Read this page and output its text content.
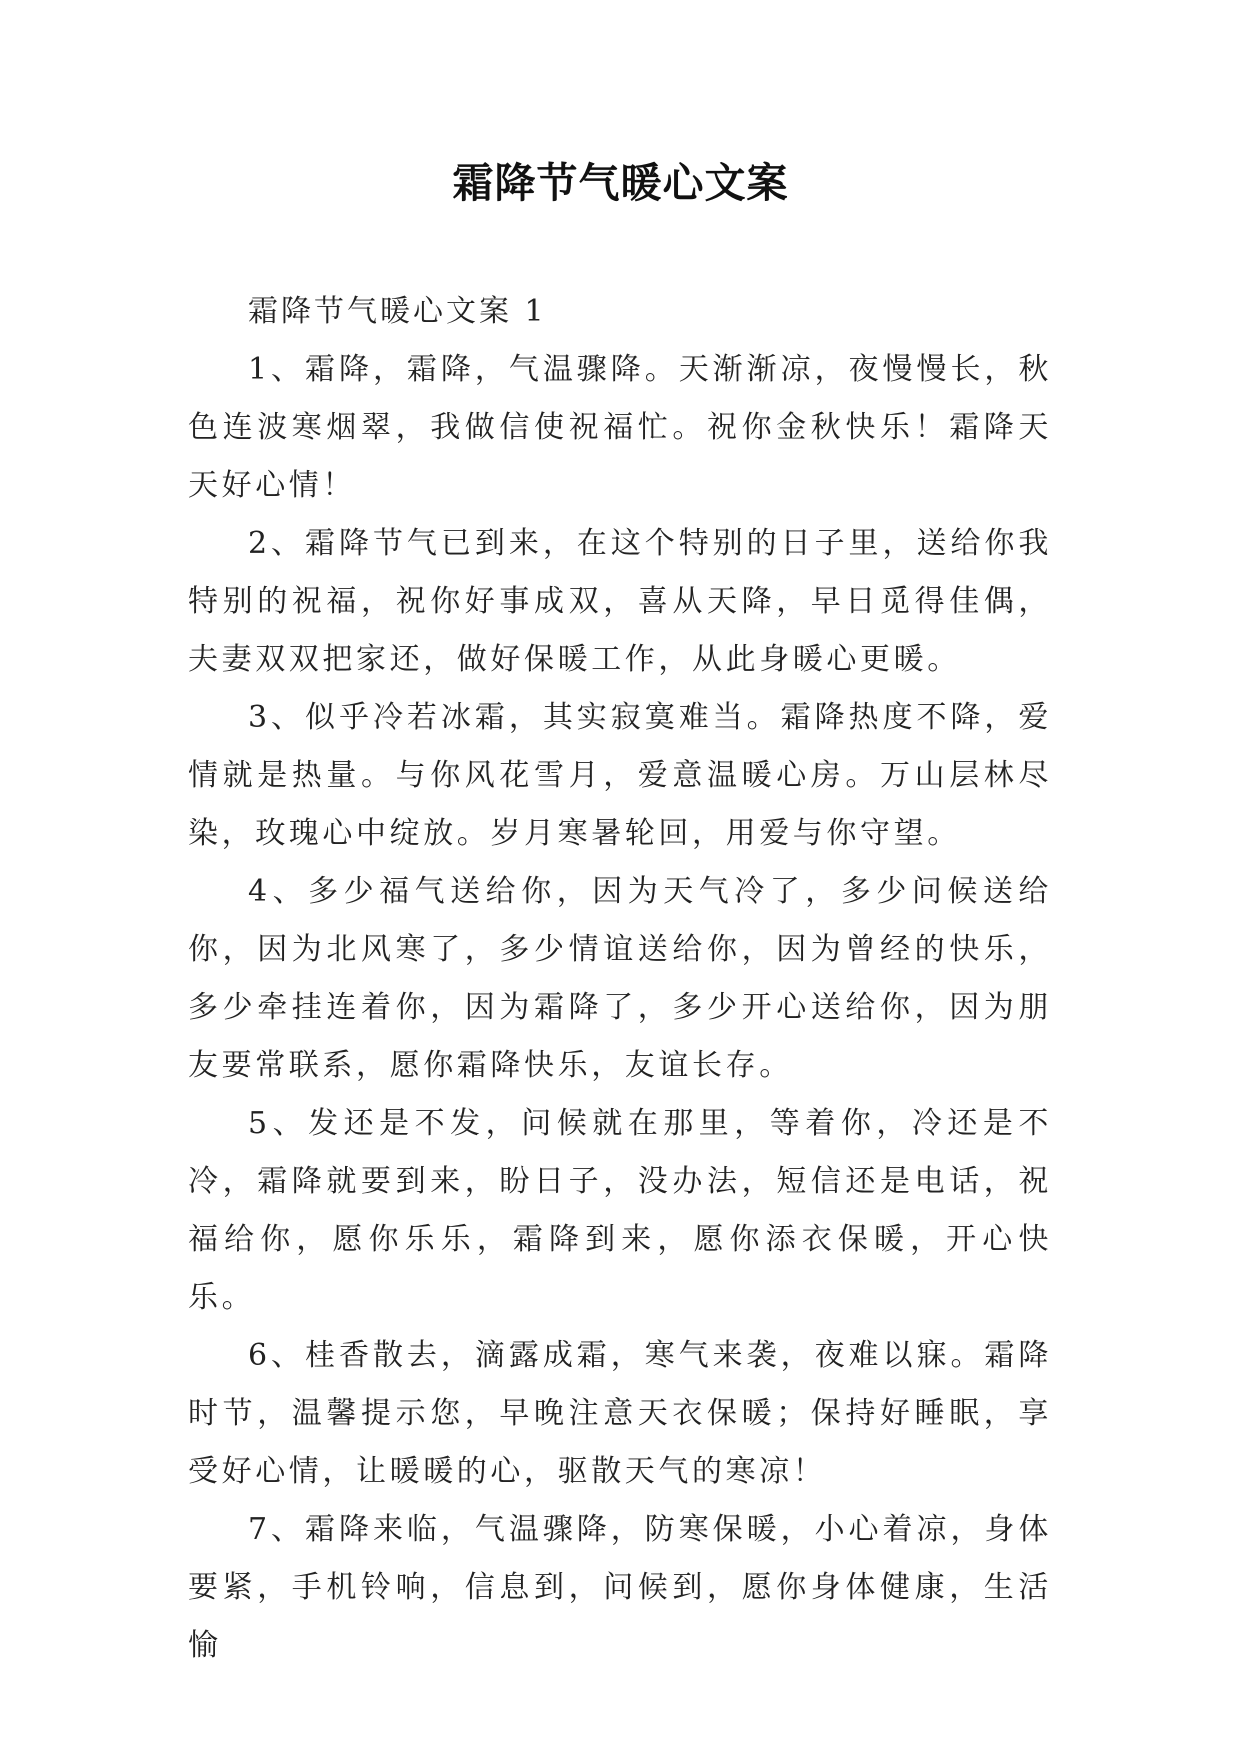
霜降节气暖心文案

霜降节气暖心文案 1

1、霜降，霜降，气温骤降。天渐渐凉，夜慢慢长，秋色连波寒烟翠，我做信使祝福忙。祝你金秋快乐！霜降天天好心情！

2、霜降节气已到来，在这个特别的日子里，送给你我特别的祝福，祝你好事成双，喜从天降，早日觅得佳偶，夫妻双双把家还，做好保暖工作，从此身暖心更暖。

3、似乎冷若冰霜，其实寂寞难当。霜降热度不降，爱情就是热量。与你风花雪月，爱意温暖心房。万山层林尽染，玫瑰心中绽放。岁月寒暑轮回，用爱与你守望。

4、多少福气送给你，因为天气冷了，多少问候送给你，因为北风寒了，多少情谊送给你，因为曾经的快乐，多少牵挂连着你，因为霜降了，多少开心送给你，因为朋友要常联系，愿你霜降快乐，友谊长存。

5、发还是不发，问候就在那里，等着你，冷还是不冷，霜降就要到来，盼日子，没办法，短信还是电话，祝福给你，愿你乐乐，霜降到来，愿你添衣保暖，开心快乐。

6、桂香散去，滴露成霜，寒气来袭，夜难以寐。霜降时节，温馨提示您，早晚注意天衣保暖；保持好睡眠，享受好心情，让暖暖的心，驱散天气的寒凉！

7、霜降来临，气温骤降，防寒保暖，小心着凉，身体要紧，手机铃响，信息到，问候到，愿你身体健康，生活愉
